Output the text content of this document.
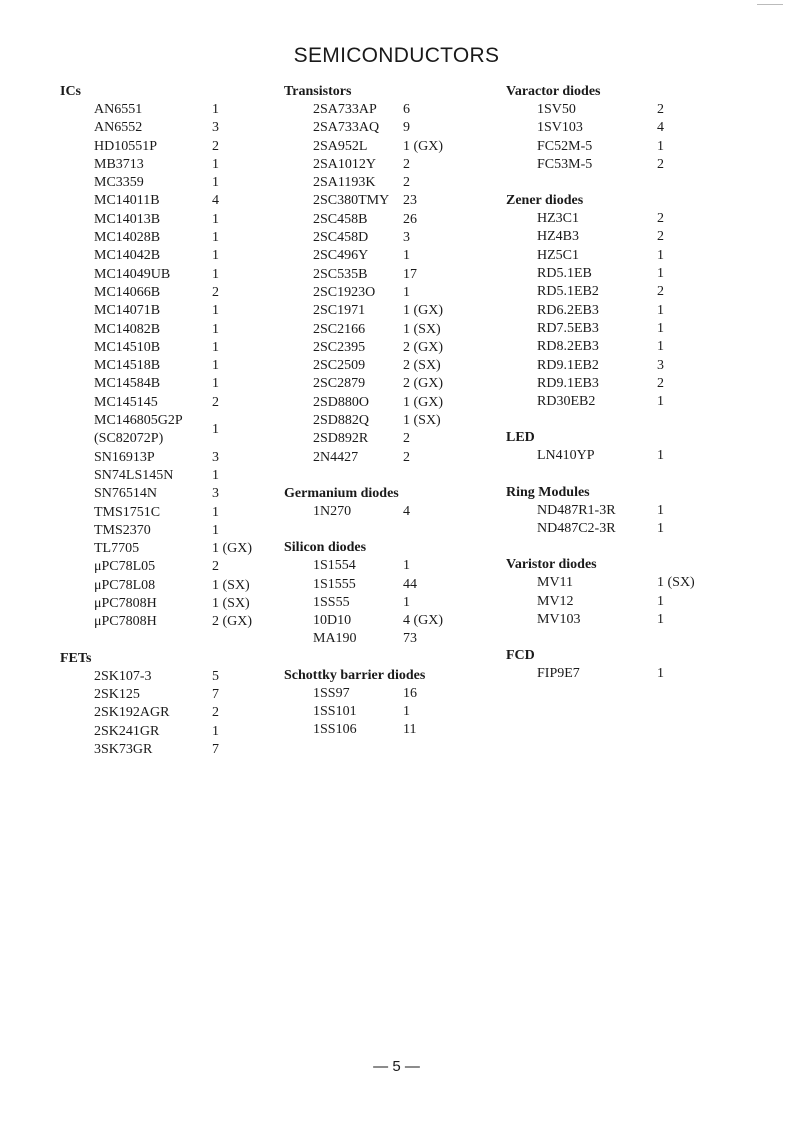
SEMICONDUCTORS
ICs
AN6551	1
AN6552	3
HD10551P	2
MB3713	1
MC3359	1
MC14011B	4
MC14013B	1
MC14028B	1
MC14042B	1
MC14049UB	1
MC14066B	2
MC14071B	1
MC14082B	1
MC14510B	1
MC14518B	1
MC14584B	1
MC145145	2
MC146805G2P
(SC82072P)
1
SN16913P	3
SN74LS145N	1
SN76514N	3
TMS1751C	1
TMS2370	1
TL7705	1 (GX)
μPC78L05	2
μPC78L08	1 (SX)
μPC7808H	1 (SX)
μPC7808H	2 (GX)
FETs
2SK107-3	5
2SK125	7
2SK192AGR	2
2SK241GR	1
3SK73GR	7
Transistors
2SA733AP 6
2SA733AQ 9
2SA952L	1 (GX)
2SA1012Y 2
2SA1193K 2
2SC380TMY 23
2SC458B	26
2SC458D 3
2SC496Y 1
2SC535B	17
2SC1923O 1
2SC1971	1 (GX)
2SC2166	1 (SX)
2SC2395	2 (GX)
2SC2509	2 (SX)
2SC2879	2 (GX)
2SD880O 1 (GX)
2SD882Q 1 (SX)
2SD892R 2
2N4427	2
Germanium diodes
1N270	4
Silicon diodes
1S1554	1
1S1555	44
1SS55	1
10D10	4 (GX)
MA190	73
Schottky barrier diodes
1SS97	16
1SS101	1
1SS106	11
Varactor diodes
1SV50	2
1SV103	4
FC52M-5	1
FC53M-5	2
Zener diodes
HZ3C1	2
HZ4B3	2
HZ5C1	1
RD5.1EB	1
RD5.1EB2	2
RD6.2EB3	1
RD7.5EB3	1
RD8.2EB3	1
RD9.1EB2	3
RD9.1EB3	2
RD30EB2	1
LED
LN410YP	1
Ring Modules
ND487R1-3R	1
ND487C2-3R	1
Varistor diodes
MV11	1 (SX)
MV12	1
MV103	1
FCD
FIP9E7	1
— 5 —
